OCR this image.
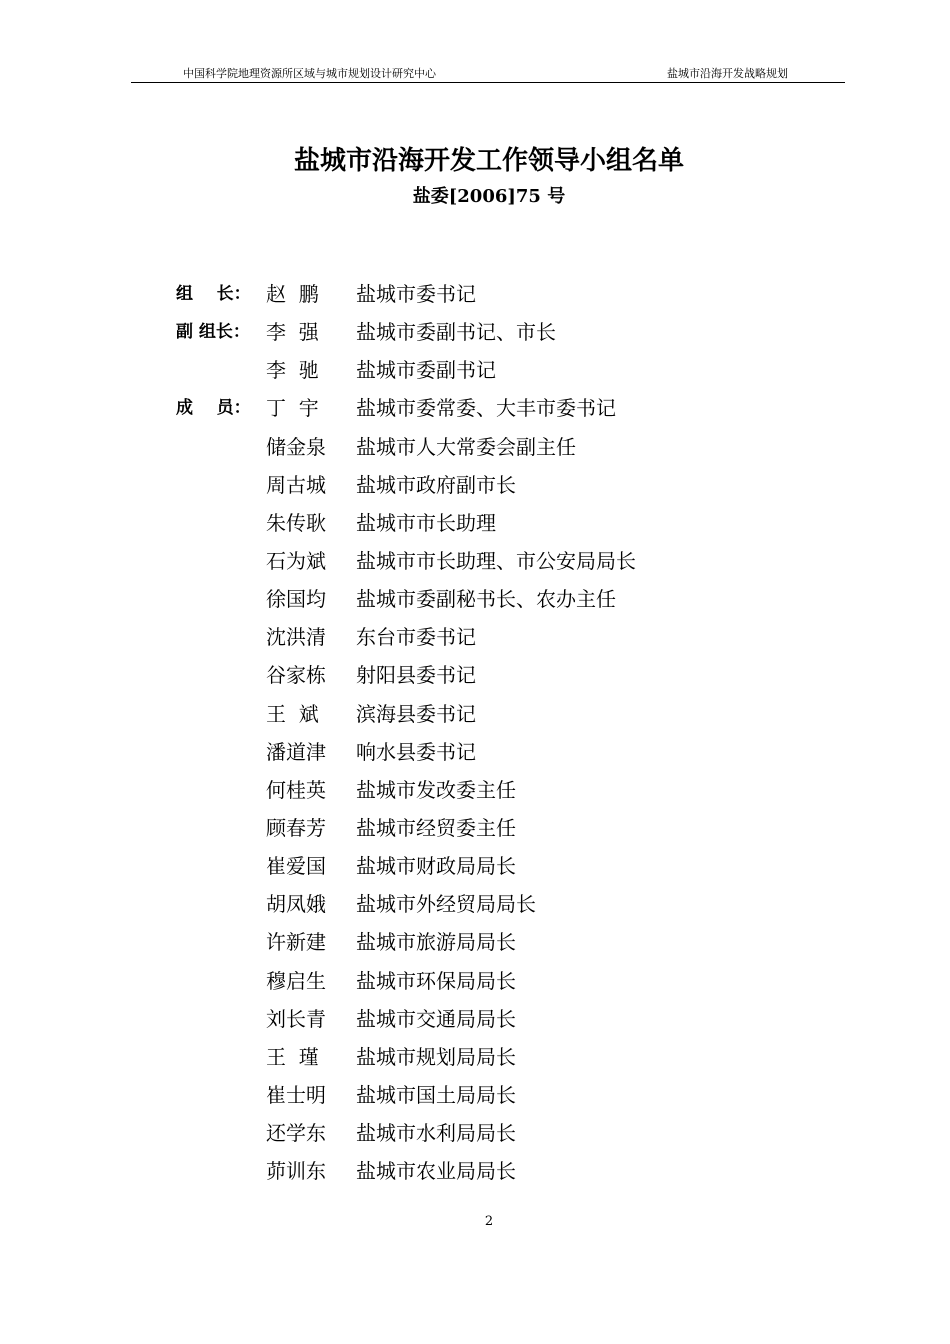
中国科学院地理资源所区域与城市规划设计研究中心	盐城市沿海开发战略规划
盐城市沿海开发工作领导小组名单
盐委[2006]75 号
组    长： 赵  鹏 盐城市委书记
副 组长： 李  强 盐城市委副书记、市长
李  驰 盐城市委副书记
成    员： 丁  宇 盐城市委常委、大丰市委书记
储金泉 盐城市人大常委会副主任
周古城 盐城市政府副市长
朱传耿 盐城市市长助理
石为斌 盐城市市长助理、市公安局局长
徐国均 盐城市委副秘书长、农办主任
沈洪清 东台市委书记
谷家栋 射阳县委书记
王  斌 滨海县委书记
潘道津 响水县委书记
何桂英 盐城市发改委主任
顾春芳 盐城市经贸委主任
崔爱国 盐城市财政局局长
胡凤娥 盐城市外经贸局局长
许新建 盐城市旅游局局长
穆启生 盐城市环保局局长
刘长青 盐城市交通局局长
王  瑾 盐城市规划局局长
崔士明 盐城市国土局局长
还学东 盐城市水利局局长
茆训东 盐城市农业局局长
2
